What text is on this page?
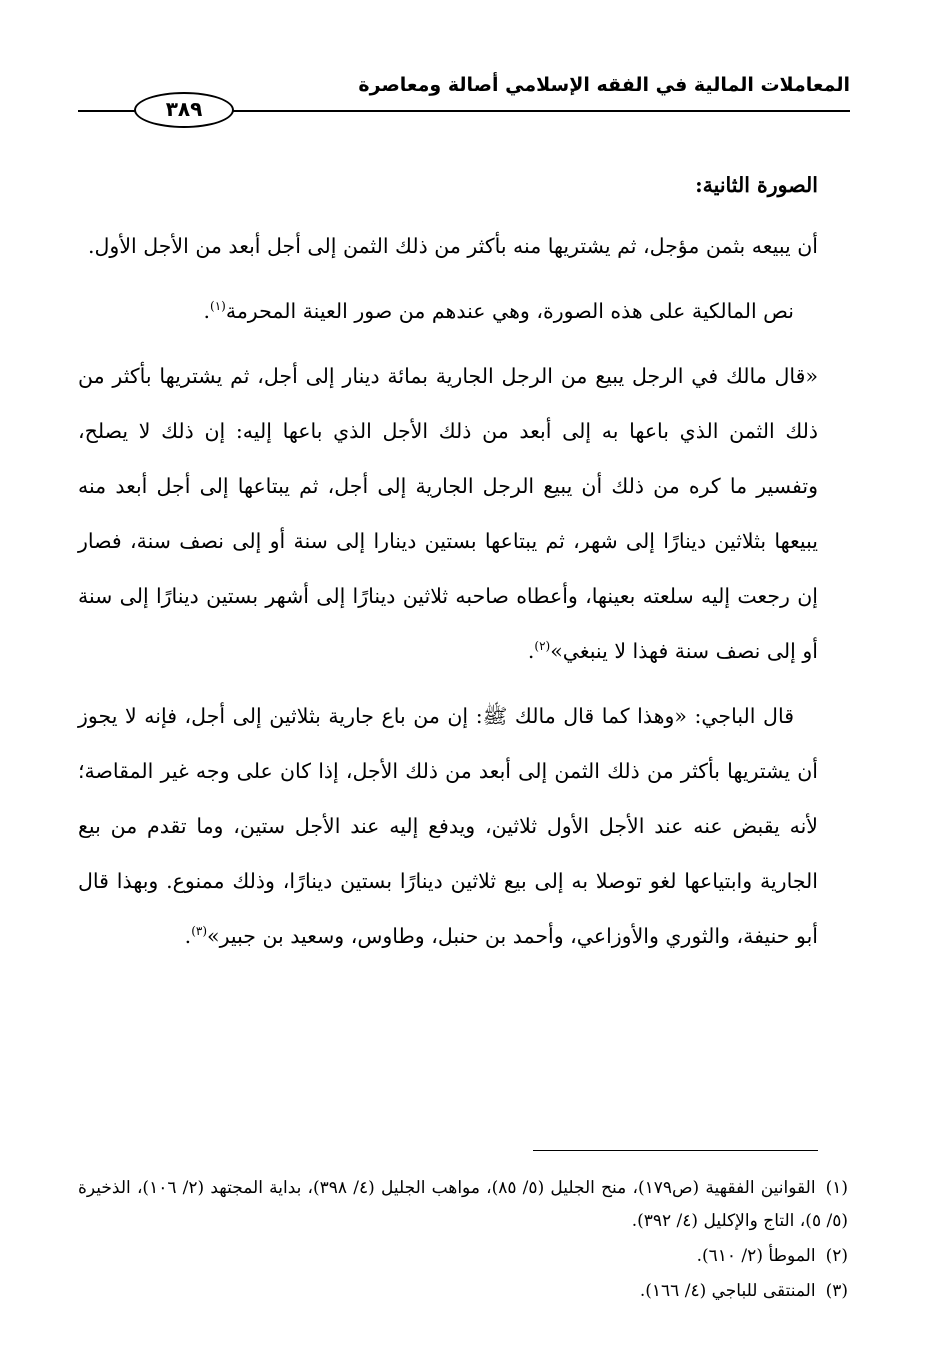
المعاملات المالية في الفقه الإسلامي أصالة ومعاصرة
٣٨٩

الصورة الثانية:

أن يبيعه بثمن مؤجل، ثم يشتريها منه بأكثر من ذلك الثمن إلى أجل أبعد من الأجل الأول.

نص المالكية على هذه الصورة، وهي عندهم من صور العينة المحرمة$^{(١)}$.

«قال مالك في الرجل يبيع من الرجل الجارية بمائة دينار إلى أجل، ثم يشتريها بأكثر من ذلك الثمن الذي باعها به إلى أبعد من ذلك الأجل الذي باعها إليه: إن ذلك لا يصلح، وتفسير ما كره من ذلك أن يبيع الرجل الجارية إلى أجل، ثم يبتاعها إلى أجل أبعد منه يبيعها بثلاثين دينارًا إلى شهر، ثم يبتاعها بستين دينارا إلى سنة أو إلى نصف سنة، فصار إن رجعت إليه سلعته بعينها، وأعطاه صاحبه ثلاثين دينارًا إلى أشهر بستين دينارًا إلى سنة أو إلى نصف سنة فهذا لا ينبغي»$^{(٢)}$.

قال الباجي: «وهذا كما قال مالك ﷺ: إن من باع جارية بثلاثين إلى أجل، فإنه لا يجوز أن يشتريها بأكثر من ذلك الثمن إلى أبعد من ذلك الأجل، إذا كان على وجه غير المقاصة؛ لأنه يقبض عنه عند الأجل الأول ثلاثين، ويدفع إليه عند الأجل ستين، وما تقدم من بيع الجارية وابتياعها لغو توصلا به إلى بيع ثلاثين دينارًا بستين دينارًا، وذلك ممنوع. وبهذا قال أبو حنيفة، والثوري والأوزاعي، وأحمد بن حنبل، وطاوس، وسعيد بن جبير»$^{(٣)}$.

(١)القوانين الفقهية (ص١٧٩)، منح الجليل (٥/ ٨٥)، مواهب الجليل (٤/ ٣٩٨)، بداية المجتهد (٢/ ١٠٦)، الذخيرة (٥/ ٥)، التاج والإكليل (٤/ ٣٩٢).

(٢)الموطأ (٢/ ٦١٠).

(٣)المنتقى للباجي (٤/ ١٦٦).
